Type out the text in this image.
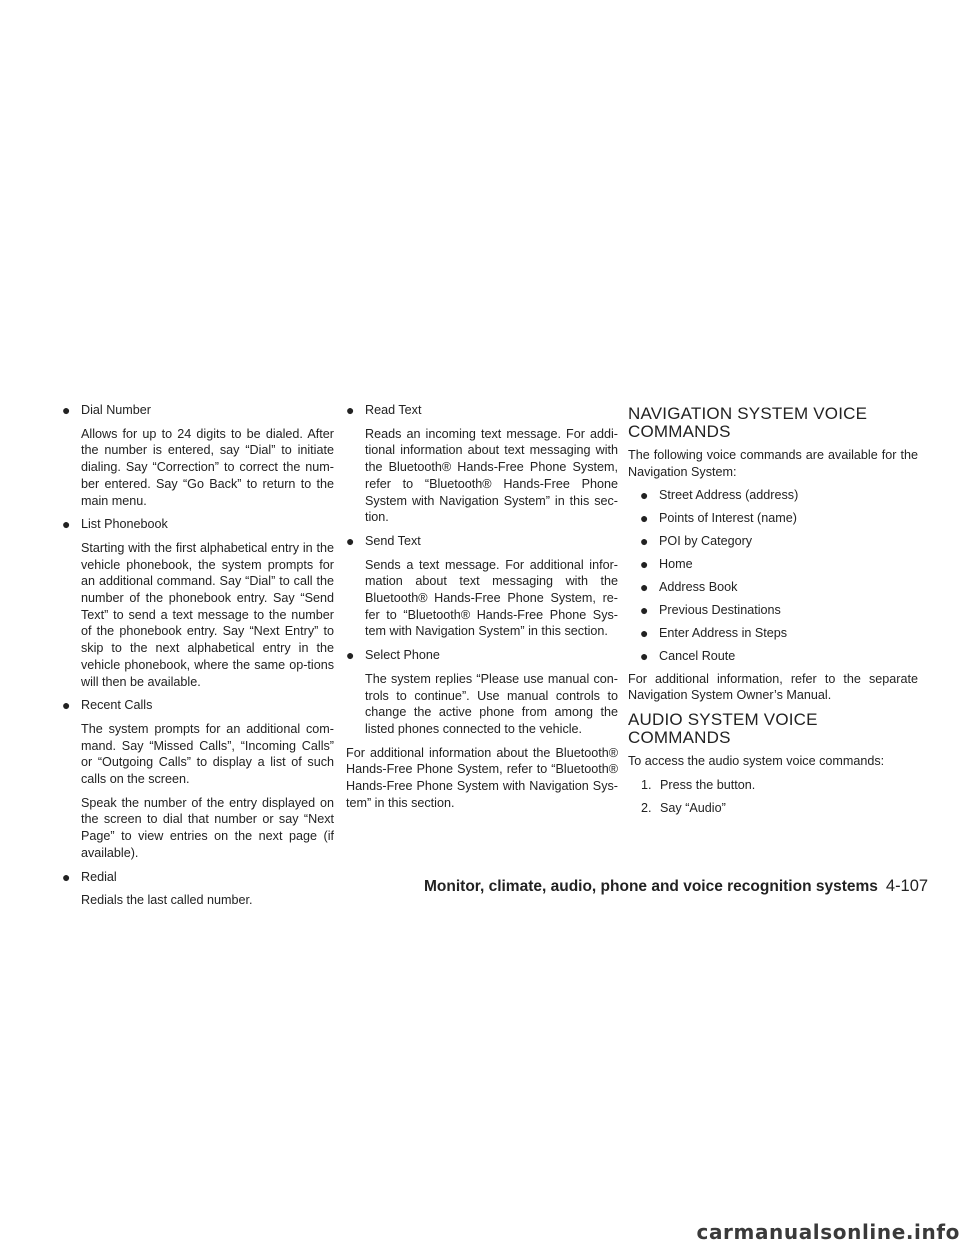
● Dial Number

Allows for up to 24 digits to be dialed. After the number is entered, say “Dial” to initiate dialing. Say “Correction” to correct the num-ber entered. Say “Go Back” to return to the main menu.

● List Phonebook

Starting with the first alphabetical entry in the vehicle phonebook, the system prompts for an additional command. Say “Dial” to call the number of the phonebook entry. Say “Send Text” to send a text message to the number of the phonebook entry. Say “Next Entry” to skip to the next alphabetical entry in the vehicle phonebook, where the same op-tions will then be available.

● Recent Calls

The system prompts for an additional com-mand. Say “Missed Calls”, “Incoming Calls” or “Outgoing Calls” to display a list of such calls on the screen.

Speak the number of the entry displayed on the screen to dial that number or say “Next Page” to view entries on the next page (if available).

● Redial

Redials the last called number.

● Read Text

Reads an incoming text message. For addi-tional information about text messaging with the Bluetooth® Hands-Free Phone System, refer to “Bluetooth® Hands-Free Phone System with Navigation System” in this sec-tion.

● Send Text

Sends a text message. For additional infor-mation about text messaging with the Bluetooth® Hands-Free Phone System, re-fer to “Bluetooth® Hands-Free Phone Sys-tem with Navigation System” in this section.

● Select Phone

The system replies “Please use manual con-trols to continue”. Use manual controls to change the active phone from among the listed phones connected to the vehicle.

For additional information about the Bluetooth® Hands-Free Phone System, refer to “Bluetooth® Hands-Free Phone System with Navigation Sys-tem” in this section.

NAVIGATION SYSTEM VOICE COMMANDS

The following voice commands are available for the Navigation System:

● Street Address (address)
● Points of Interest (name)
● POI by Category
● Home
● Address Book
● Previous Destinations
● Enter Address in Steps
● Cancel Route

For additional information, refer to the separate Navigation System Owner’s Manual.

AUDIO SYSTEM VOICE COMMANDS

To access the audio system voice commands:

1. Press the button.
2. Say “Audio”
Monitor, climate, audio, phone and voice recognition systems 4-107
carmanualsonline.info
